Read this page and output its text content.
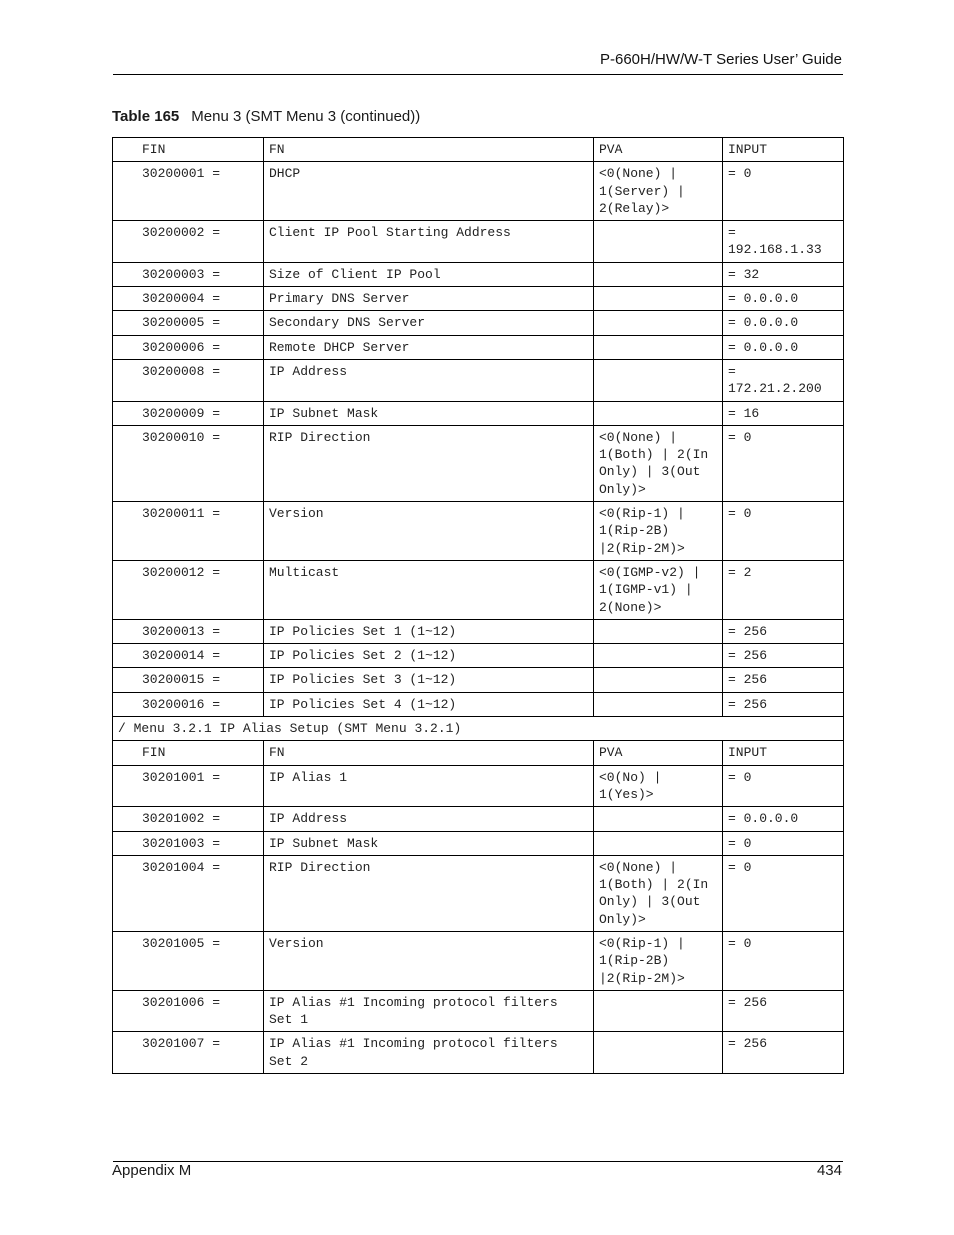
P-660H/HW/W-T Series User’ Guide
Table 165 Menu 3 (SMT Menu 3 (continued))
FIN	FN	PVA	INPUT
30200001 =	DHCP	<0(None) |
1(Server) |
2(Relay)>	= 0
30200002 =	Client IP Pool Starting Address		=
192.168.1.33
30200003 =	Size of Client IP Pool		= 32
30200004 =	Primary DNS Server		= 0.0.0.0
30200005 =	Secondary DNS Server		= 0.0.0.0
30200006 =	Remote DHCP Server		= 0.0.0.0
30200008 =	IP Address		=
172.21.2.200
30200009 =	IP Subnet Mask		= 16
30200010 =	RIP Direction	<0(None) |
1(Both) | 2(In
Only) | 3(Out
Only)>	= 0
30200011 =	Version	<0(Rip-1) |
1(Rip-2B)
|2(Rip-2M)>	= 0
30200012 =	Multicast	<0(IGMP-v2) |
1(IGMP-v1) |
2(None)>	= 2
30200013 =	IP Policies Set 1 (1~12)		= 256
30200014 =	IP Policies Set 2 (1~12)		= 256
30200015 =	IP Policies Set 3 (1~12)		= 256
30200016 =	IP Policies Set 4 (1~12)		= 256
/ Menu 3.2.1 IP Alias Setup (SMT Menu 3.2.1)			
FIN	FN	PVA	INPUT
30201001 =	IP Alias 1	<0(No) |
1(Yes)>	= 0
30201002 =	IP Address		= 0.0.0.0
30201003 =	IP Subnet Mask		= 0
30201004 =	RIP Direction	<0(None) |
1(Both) | 2(In
Only) | 3(Out
Only)>	= 0
30201005 =	Version	<0(Rip-1) |
1(Rip-2B)
|2(Rip-2M)>	= 0
30201006 =	IP Alias #1 Incoming protocol filters
Set 1		= 256
30201007 =	IP Alias #1 Incoming protocol filters
Set 2		= 256
Appendix M	434
